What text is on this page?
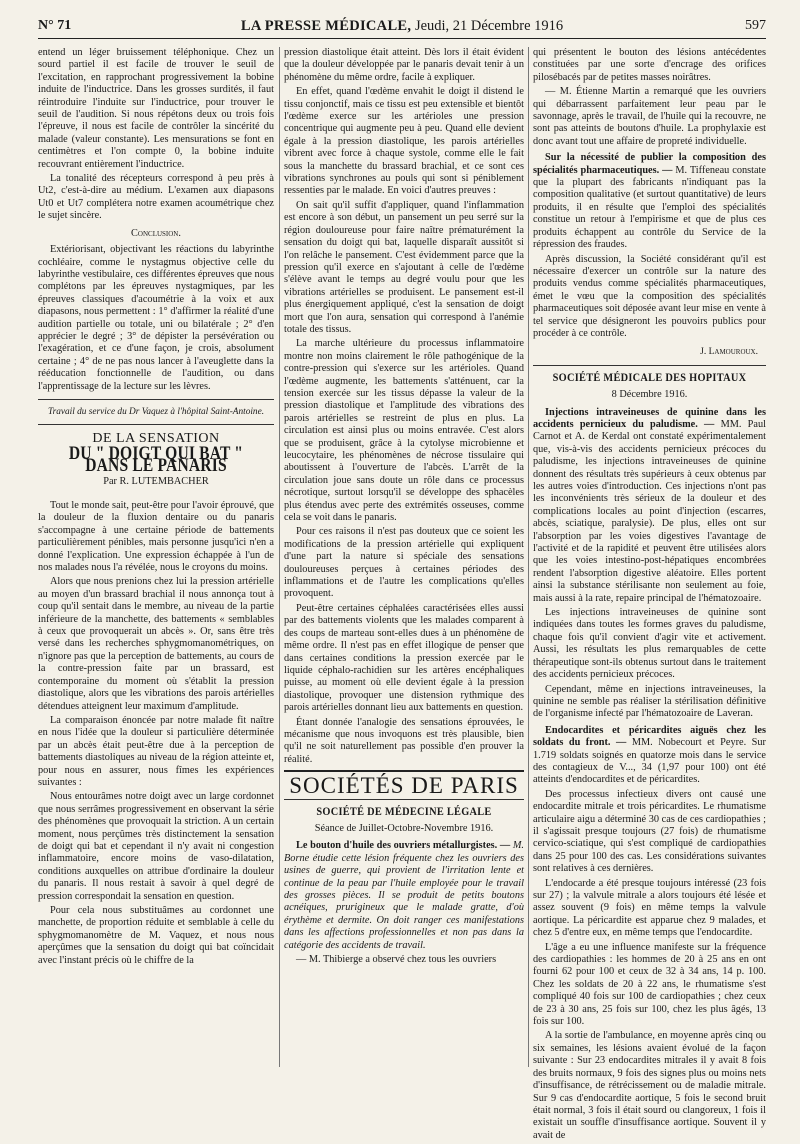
N° 71	LA PRESSE MÉDICALE, Jeudi, 21 Décembre 1916	597

entend un léger bruissement téléphonique. Chez un sourd partiel il est facile de trouver le seuil de l'excitation, en rapprochant progressivement la bobine induite de l'inductrice. Dans les grosses surdités, il faut réintroduire l'induite sur l'inductrice, pour trouver le seuil de l'audition. Si nous répétons deux ou trois fois l'épreuve, il nous est facile de contrôler la sincérité du malade (valeur constante). Les mensurations se font en centimètres et l'on compte 0, la bobine induite recouvrant entièrement l'inductrice.

La tonalité des récepteurs correspond à peu près à Ut2, c'est-à-dire au médium. L'examen aux diapasons Ut0 et Ut7 complétera notre examen acoumétrique chez le sujet sincère.

Conclusion.

Extériorisant, objectivant les réactions du labyrinthe cochléaire, comme le nystagmus objective celle du labyrinthe vestibulaire, ces différentes épreuves que nous complétons par les épreuves nystagmiques, par les épreuves classiques d'acoumétrie à la voix et aux diapasons, nous permettent : 1° d'affirmer la réalité d'une audition partielle ou totale, uni ou bilatérale ; 2° d'en apprécier le degré ; 3° de dépister la persévération ou l'exagération, et ce d'une façon, je crois, absolument certaine ; 4° de ne pas nous lancer à l'aveuglette dans la rééducation fonctionnelle de l'audition, ou dans l'apprentissage de la lecture sur les lèvres.

Travail du service du Dr Vaquez à l'hôpital Saint-Antoine.

DE LA SENSATION
DU " DOIGT QUI BAT " DANS LE PANARIS
Par R. LUTEMBACHER

Tout le monde sait, peut-être pour l'avoir éprouvé, que la douleur de la fluxion dentaire ou du panaris s'accompagne à une certaine période de battements particulièrement pénibles, mais personne jusqu'ici n'en a donné l'explication. Une expression échappée à l'un de nos malades nous l'a révélée, nous le croyons du moins.

Alors que nous prenions chez lui la pression artérielle au moyen d'un brassard brachial il nous annonça tout à coup qu'il sentait dans le membre, au niveau de la partie inférieure de la manchette, des battements « semblables à ceux que provoquerait un abcès ». Or, sans être très versé dans les recherches sphygmomanométriques, on n'ignore pas que la perception de battements, au cours de la contre-pression faite par un brassard, est contemporaine du moment où s'établit la pression diastolique, alors que les vibrations des parois artérielles détendues atteignent leur maximum d'amplitude.

La comparaison énoncée par notre malade fit naître en nous l'idée que la douleur si particulière déterminée par un abcès était peut-être due à la perception de battements diastoliques au niveau de la région atteinte et, pour nous en assurer, nous fîmes les expériences suivantes :

Nous entourâmes notre doigt avec un large cordonnet que nous serrâmes progressivement en observant la série des phénomènes que provoquait la striction. A un certain moment, nous perçûmes très distinctement la sensation de doigt qui bat et cependant il n'y avait ni congestion inflammatoire, encore moins de vaso-dilatation, conditions auxquelles on attribue d'ordinaire la douleur du panaris. Il nous restait à savoir à quel degré de pression correspondait la sensation en question.

Pour cela nous substituâmes au cordonnet une manchette, de proportion réduite et semblable à celle du sphygmomanomètre de M. Vaquez, et nous nous aperçûmes que la sensation du doigt qui bat coïncidait avec l'instant précis où le chiffre de la

pression diastolique était atteint. Dès lors il était évident que la douleur développée par le panaris devait tenir à un phénomène du même ordre, facile à expliquer.

En effet, quand l'œdème envahit le doigt il distend le tissu conjonctif, mais ce tissu est peu extensible et bientôt l'œdème exerce sur les artérioles une pression concentrique qui augmente peu à peu. Quand elle devient égale à la pression diastolique, les parois artérielles vibrent avec force à chaque systole, comme elle le fait sous la manchette du brassard brachial, et ce sont ces vibrations synchrones au pouls qui sont si péniblement ressenties par le malade. En voici d'autres preuves :

On sait qu'il suffit d'appliquer, quand l'inflammation est encore à son début, un pansement un peu serré sur la région douloureuse pour faire naître prématurément la sensation du doigt qui bat, laquelle disparaît aussitôt si l'on relâche le pansement. C'est évidemment parce que la pression qu'il exerce en s'ajoutant à celle de l'œdème s'élève avant le temps au degré voulu pour que les vibrations artérielles se produisent. Le pansement est-il plus énergiquement appliqué, c'est la sensation de doigt mort que l'on aura, sensation qui correspond à l'anémie totale des tissus.

La marche ultérieure du processus inflammatoire montre non moins clairement le rôle pathogénique de la contre-pression qui s'exerce sur les artérioles. Quand l'œdème augmente, les battements s'atténuent, car la tension exercée sur les tissus dépasse la valeur de la pression diastolique et l'amplitude des vibrations des parois artérielles se restreint de plus en plus. La circulation est ainsi plus ou moins entravée. C'est alors que se produisent, grâce à la cytolyse microbienne et leucocytaire, les phénomènes de nécrose tissulaire qui aboutissent à l'ouverture de l'abcès. L'arrêt de la circulation joue sans doute un rôle dans ce processus nécrotique, surtout lorsqu'il se développe des sphacèles plus étendus avec perte des extrémités osseuses, comme cela se voit dans le panaris.

Pour ces raisons il n'est pas douteux que ce soient les modifications de la pression artérielle qui expliquent d'une part la nature si spéciale des sensations douloureuses perçues à certaines périodes des inflammations et de l'autre les complications qu'elles provoquent.

Peut-être certaines céphalées caractérisées elles aussi par des battements violents que les malades comparent à des coups de marteau sont-elles dues à un phénomène de même ordre. Il n'est pas en effet illogique de penser que dans certaines conditions la pression exercée par le liquide céphalo-rachidien sur les artères encéphaliques puisse, au moment où elle devient égale à la pression diastolique, provoquer une distension rythmique des parois artérielles donnant lieu aux battements en question.

Étant donnée l'analogie des sensations éprouvées, le mécanisme que nous invoquons est très plausible, bien qu'il ne soit naturellement pas possible d'en prouver la réalité.

SOCIÉTÉS DE PARIS
SOCIÉTÉ DE MÉDECINE LÉGALE

Séance de Juillet-Octobre-Novembre 1916.

Le bouton d'huile des ouvriers métallurgistes. — M. Borne étudie cette lésion fréquente chez les ouvriers des usines de guerre, qui provient de l'irritation lente et continue de la peau par l'huile employée pour le travail des grosses pièces. Il se produit de petits boutons acnéiques, prurigineux que le malade gratte, d'où érythème et dermite. On doit ranger ces manifestations dans les affections professionnelles et non pas dans la catégorie des accidents de travail.

— M. Thibierge a observé chez tous les ouvriers

qui présentent le bouton des lésions antécédentes constituées par une sorte d'encrage des orifices pilosébacés par de petites masses noirâtres.

— M. Étienne Martin a remarqué que les ouvriers qui débarrassent parfaitement leur peau par le savonnage, après le travail, de l'huile qui la recouvre, ne sont pas atteints de boutons d'huile. La prophylaxie est donc avant tout une affaire de propreté individuelle.

Sur la nécessité de publier la composition des spécialités pharmaceutiques. — M. Tiffeneau constate que la plupart des fabricants n'indiquant pas la composition qualitative (et surtout quantitative) de leurs produits, il en résulte que l'emploi des spécialités constitue un retour à l'empirisme et que de plus ces produits échappent au contrôle du Service de la répression des fraudes.

Après discussion, la Société considérant qu'il est nécessaire d'exercer un contrôle sur la nature des produits vendus comme spécialités pharmaceutiques, émet le vœu que la composition des spécialités pharmaceutiques soit déposée avant leur mise en vente à tel service que désigneront les pouvoirs publics pour procéder à ce contrôle.

J. Lamouroux.
SOCIÉTÉ MÉDICALE DES HOPITAUX

8 Décembre 1916.

Injections intraveineuses de quinine dans les accidents pernicieux du paludisme. — MM. Paul Carnot et A. de Kerdal ont constaté expérimentalement que, vis-à-vis des accidents pernicieux précoces du paludisme, les injections intraveineuses de quinine donnent des résultats très supérieurs à ceux obtenus par les autres voies d'introduction. Ces injections n'ont pas les inconvénients très sérieux de la douleur et des complications locales au point d'injection (escarres, abcès, sciatique, paralysie). De plus, elles ont sur l'absorption par les voies digestives l'avantage de l'activité et de la rapidité et peuvent être utilisées alors que les voies intestino-post-hépatiques encombrées rendent l'absorption digestive aléatoire. Elles portent ainsi la substance stérilisante non seulement au foie, mais aussi à la rate, repaire principal de l'hématozoaire.

Les injections intraveineuses de quinine sont indiquées dans toutes les formes graves du paludisme, chaque fois qu'il convient d'agir vite et activement. Aussi, les résultats les plus remarquables de cette thérapeutique sont-ils obtenus surtout dans le traitement des accidents pernicieux précoces.

Cependant, même en injections intraveineuses, la quinine ne semble pas réaliser la stérilisation définitive de l'organisme infecté par l'hématozoaire de Laveran.

Endocardites et péricardites aiguës chez les soldats du front. — MM. Nobecourt et Peyre. Sur 1.719 soldats soignés en quatorze mois dans le service des contagieux de V..., 34 (1,97 pour 100) ont été atteints d'endocardites et de péricardites.

Des processus infectieux divers ont causé une endocardite mitrale et trois péricardites. Le rhumatisme articulaire aigu a déterminé 30 cas de ces cardiopathies ; il s'agissait presque toujours (27 fois) de rhumatisme cervico-sciatique, qui s'est compliqué de cardiopathies dans 25 pour 100 des cas. Les considérations suivantes sont relatives à ces dernières.

L'endocarde a été presque toujours intéressé (23 fois sur 27) ; la valvule mitrale a alors toujours été lésée et assez souvent (9 fois) en même temps la valvule aortique. La péricardite est apparue chez 9 malades, et chez 5 d'entre eux, en même temps que l'endocardite.

L'âge a eu une influence manifeste sur la fréquence des cardiopathies : les hommes de 20 à 25 ans en ont fourni 62 pour 100 et ceux de 32 à 34 ans, 14 p. 100. Chez les soldats de 20 à 22 ans, le rhumatisme s'est compliqué 40 fois sur 100 de cardiopathies ; chez ceux de 23 à 30 ans, 25 fois sur 100, chez les plus âgés, 13 fois sur 100.

A la sortie de l'ambulance, en moyenne après cinq ou six semaines, les lésions avaient évolué de la façon suivante : Sur 23 endocardites mitrales il y avait 8 fois des bruits normaux, 9 fois des signes plus ou moins nets d'insuffisance, de rétrécissement ou de maladie mitrale. Sur 9 cas d'endocardite aortique, 5 fois le second bruit était normal, 3 fois il était sourd ou clangoreux, 1 fois il existait un souffle d'insuffisance aortique. Souvent il y avait de
